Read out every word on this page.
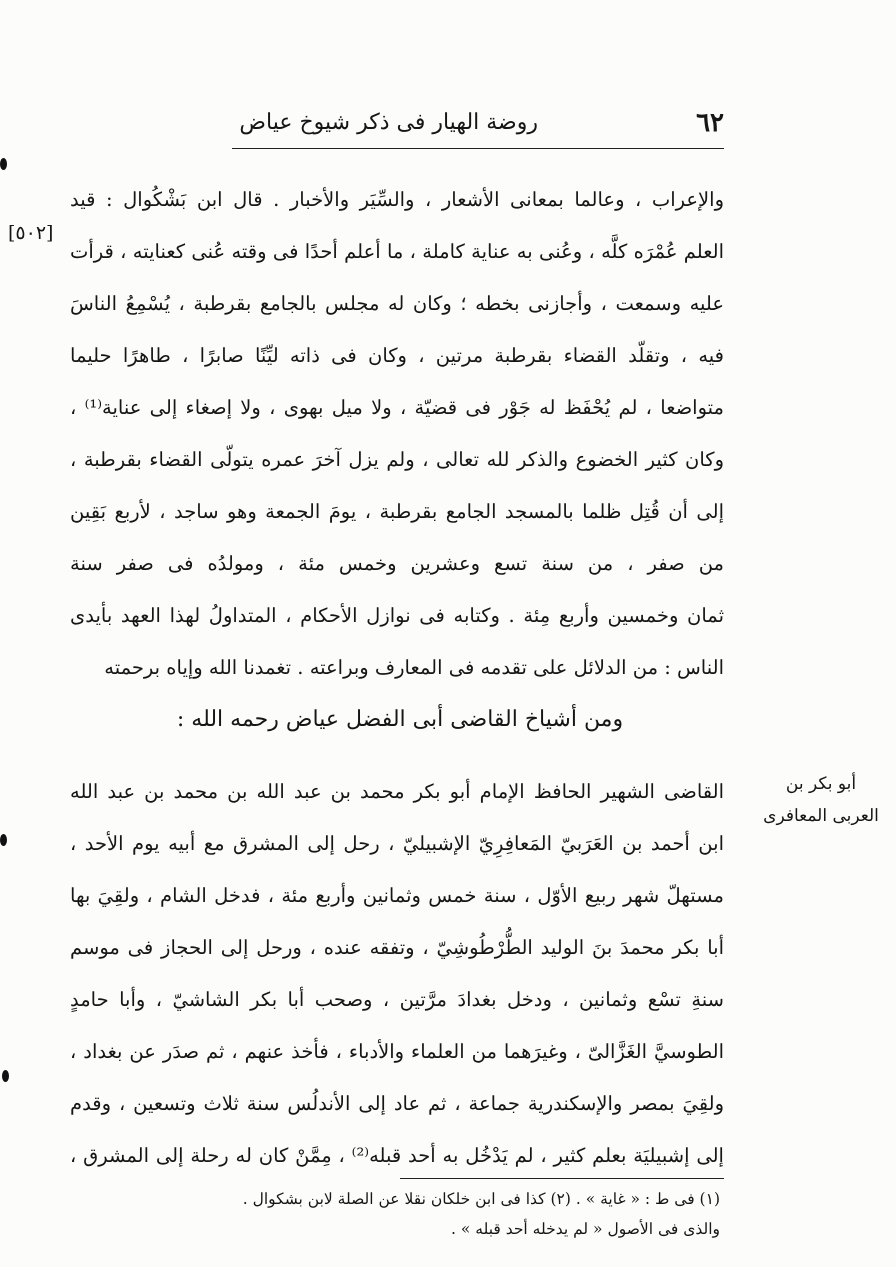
٦٢
روضة الهيار فى ذكر شيوخ عياض
[٥٠٢]
والإعراب ، وعالما بمعانى الأشعار ، والسِّيَر والأخبار . قال ابن بَشْكُوال : قيد
العلم عُمْرَه كلَّه ، وعُنى به عناية كاملة ، ما أعلم أحدًا فى وقته عُنى كعنايته ، قرأت
عليه وسمعت ، وأجازنى بخطه ؛ وكان له مجلس بالجامع بقرطبة ، يُسْمِعُ الناسَ
فيه ، وتقلّد القضاء بقرطبة مرتين ، وكان فى ذاته ليِّنًا صابرًا ، طاهرًا حليما
متواضعا ، لم يُحْفَظ له جَوْر فى قضيّة ، ولا ميل بهوى ، ولا إصغاء إلى عناية⁽¹⁾ ،
وكان كثير الخضوع والذكر لله تعالى ، ولم يزل آخرَ عمره يتولّى القضاء بقرطبة ،
إلى أن قُتِل ظلما بالمسجد الجامع بقرطبة ، يومَ الجمعة وهو ساجد ، لأربع بَقِين
من صفر ، من سنة تسع وعشرين وخمس مئة ، ومولدُه فى صفر سنة
ثمان وخمسين وأربع مِئة . وكتابه فى نوازل الأحكام ، المتداولُ لهذا العهد بأيدى
الناس : من الدلائل على تقدمه فى المعارف وبراعته . تغمدنا الله وإياه برحمته
ومن أشياخ القاضى أبى الفضل عياض رحمه الله :
أبو بكر بن
العربى المعافرى
القاضى الشهير الحافظ الإمام أبو بكر محمد بن عبد الله بن محمد بن عبد الله
ابن أحمد بن العَرَبيّ المَعافِرِيّ الإشبيليّ ، رحل إلى المشرق مع أبيه يوم الأحد ،
مستهلّ شهر ربيع الأوّل ، سنة خمس وثمانين وأربع مئة ، فدخل الشام ، ولقِيَ بها
أبا بكر محمدَ بنَ الوليد الطُّرْطُوشِيّ ، وتفقه عنده ، ورحل إلى الحجاز فى موسم
سنةِ تسْع وثمانين ، ودخل بغدادَ مرَّتين ، وصحب أبا بكر الشاشيّ ، وأبا حامدٍ
الطوسيَّ الغَزَّالىّ ، وغيرَهما من العلماء والأدباء ، فأخذ عنهم ، ثم صدَر عن بغداد ،
ولقِيَ بمصر والإسكندرية جماعة ، ثم عاد إلى الأندلُس سنة ثلاث وتسعين ، وقدم
إلى إشبيليَة بعلم كثير ، لم يَدْخُل به أحد قبله⁽²⁾ ، مِمَّنْ كان له رحلة إلى المشرق ،
(١) فى ط : « غاية » . (٢) كذا فى ابن خلكان نقلا عن الصلة لابن بشكوال .
والذى فى الأصول « لم يدخله أحد قبله » .
